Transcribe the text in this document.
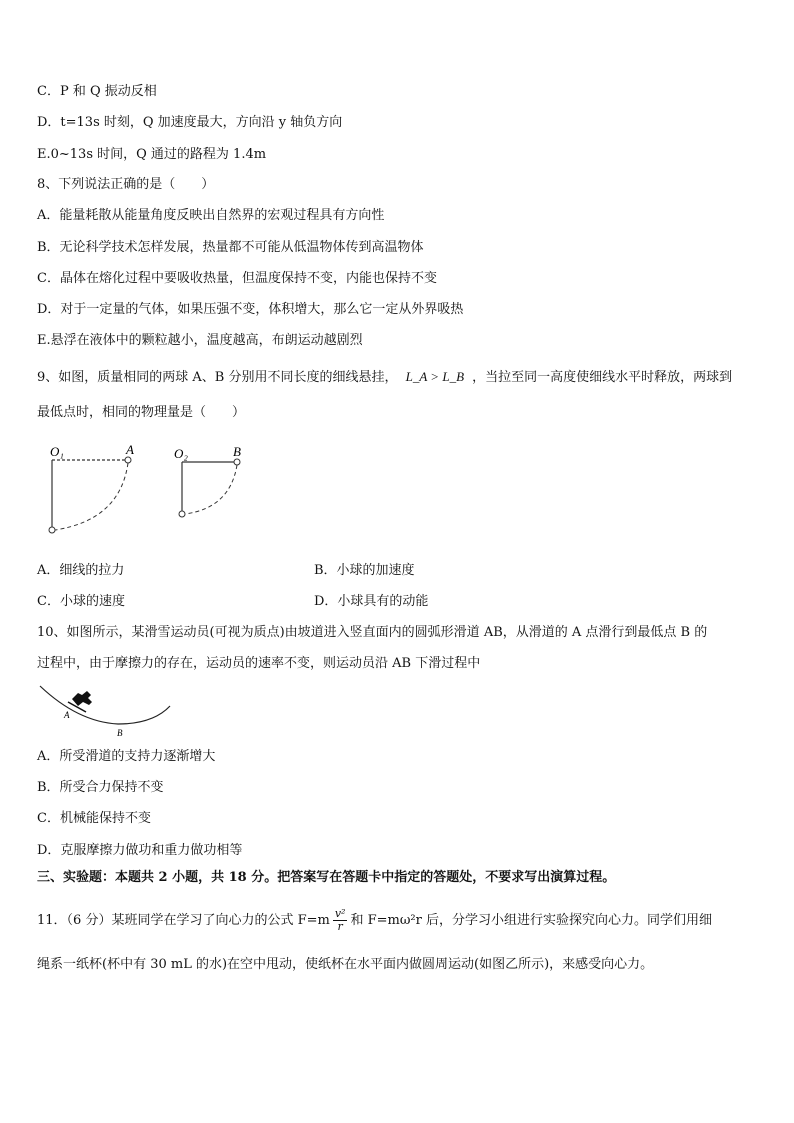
C．P 和 Q 振动反相
D．t=13s 时刻，Q 加速度最大，方向沿 y 轴负方向
E.0~13s 时间，Q 通过的路程为 1.4m
8、下列说法正确的是（　　）
A．能量耗散从能量角度反映出自然界的宏观过程具有方向性
B．无论科学技术怎样发展，热量都不可能从低温物体传到高温物体
C．晶体在熔化过程中要吸收热量，但温度保持不变，内能也保持不变
D．对于一定量的气体，如果压强不变，体积增大，那么它一定从外界吸热
E.悬浮在液体中的颗粒越小，温度越高，布朗运动越剧烈
9、如图，质量相同的两球 A、B 分别用不同长度的细线悬挂， L_A > L_B ，当拉至同一高度使细线水平时释放，两球到
最低点时，相同的物理量是（　　）
O₁	A	O₂	B
A．细线的拉力	B．小球的加速度
C．小球的速度	D．小球具有的动能
10、如图所示，某滑雪运动员(可视为质点)由坡道进入竖直面内的圆弧形滑道 AB，从滑道的 A 点滑行到最低点 B 的
过程中，由于摩擦力的存在，运动员的速率不变，则运动员沿 AB 下滑过程中
A
B
A．所受滑道的支持力逐渐增大
B．所受合力保持不变
C．机械能保持不变
D．克服摩擦力做功和重力做功相等
三、实验题：本题共 2 小题，共 18 分。把答案写在答题卡中指定的答题处，不要求写出演算过程。
11．（6 分）某班同学在学习了向心力的公式 $F=m \frac{\text{v²}}{r}$ 和 F=mω²r 后，分学习小组进行实验探究向心力。同学们用细
绳系一纸杯(杯中有 30 mL 的水)在空中甩动，使纸杯在水平面内做圆周运动(如图乙所示)，来感受向心力。
